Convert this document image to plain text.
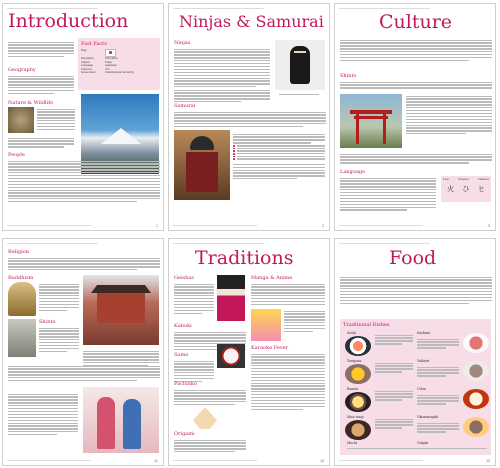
Introduction
Fast Facts
Flag
Population	128 million
Capital	Tokyo
Language	Japanese
Currency	Yen
Government	Constitutional monarchy
Geography
Nature & Wildlife
People
1
Ninjas & Samurai
Ninjas
Samurai
2
Culture
Shinto
Language
Kanji	Hiragana	Katakana
火 ひ ヒ
3
Religion
Buddhism
Shinto
11
Traditions
Geishas	Manga & Anime
Kabuki
Sumo
Pachinko
Karaoke Fever
Origami
12
Food
Traditional Dishes
Sushi	Sashimi
Tempura	Yakitori
Ramen	Udon
Miso soup	Okonomiyaki
Mochi	Onigiri
13
